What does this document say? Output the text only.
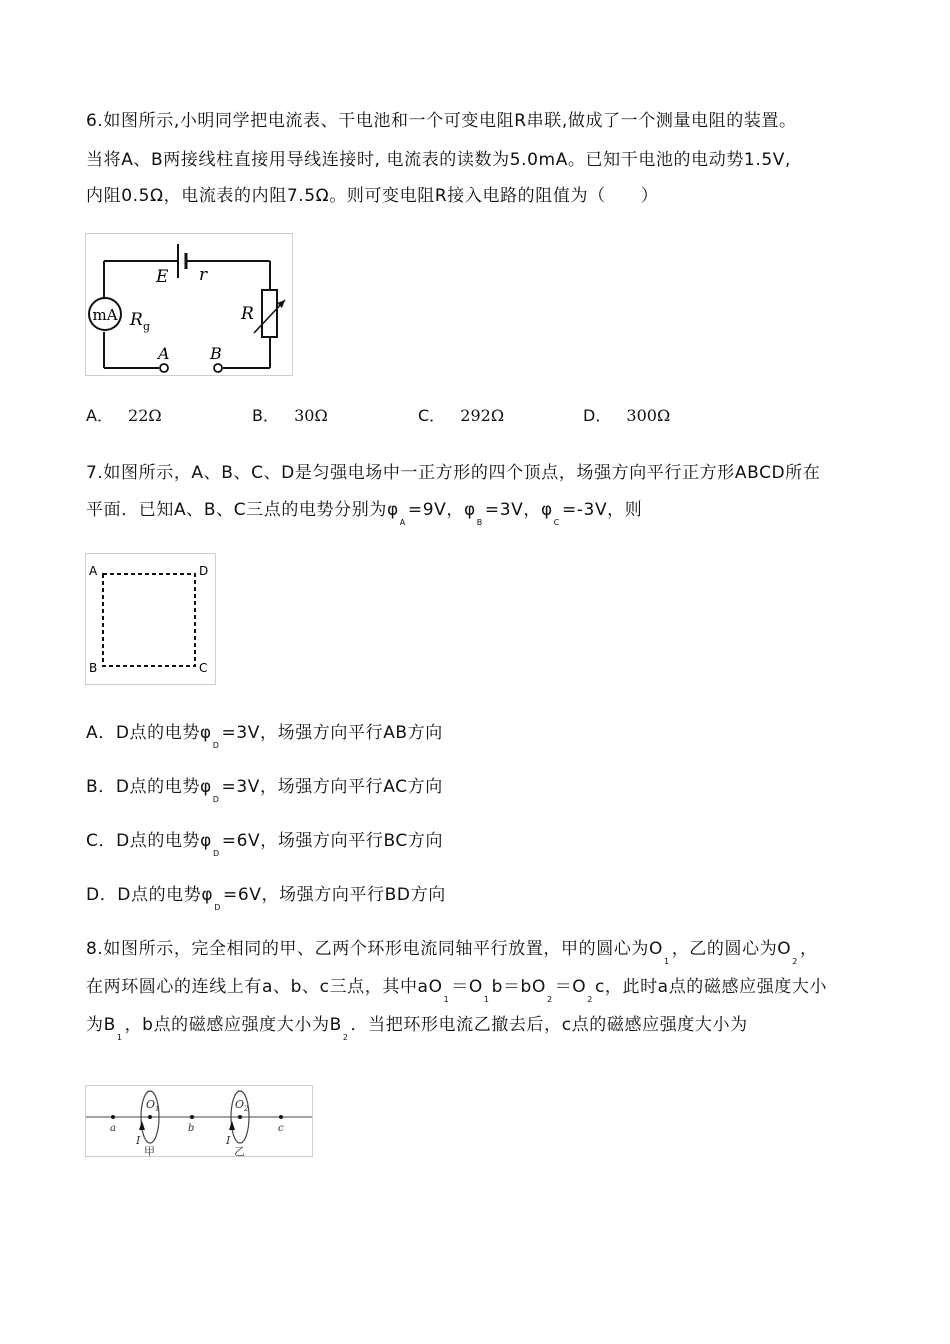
6.如图所示,小明同学把电流表、干电池和一个可变电阻R串联,做成了一个测量电阻的装置。
当将A、B两接线柱直接用导线连接时, 电流表的读数为5.0mA。已知干电池的电动势1.5V,
内阻0.5Ω，电流表的内阻7.5Ω。则可变电阻R接入电路的阻值为（　　）
mA
E r
R g
R
A	B
A． 22Ω	B． 30Ω	C． 292Ω	D． 300Ω
7.如图所示，A、B、C、D是匀强电场中一正方形的四个顶点，场强方向平行正方形ABCD所在
平面．已知A、B、C三点的电势分别为$\varphi_A=9V$，$\varphi_B=3V$，$\varphi_C=-3V$，则
A	D
B	C
A．D点的电势$\varphi_D=3V$，场强方向平行AB方向
B．D点的电势$\varphi_D=3V$，场强方向平行AC方向
C．D点的电势$\varphi_D=6V$，场强方向平行BC方向
D．D点的电势$\varphi_D=6V$，场强方向平行BD方向
8.如图所示，完全相同的甲、乙两个环形电流同轴平行放置，甲的圆心为$O_1$，乙的圆心为$O_2$，
在两环圆心的连线上有a、b、c三点，其中$aO_1=O_1b=bO_2=O_2c$，此时a点的磁感应强度大小
为$B_1$，b点的磁感应强度大小为$B_2$．当把环形电流乙撤去后，c点的磁感应强度大小为
a	b	c
O 1	O 2
I	I
甲	乙
